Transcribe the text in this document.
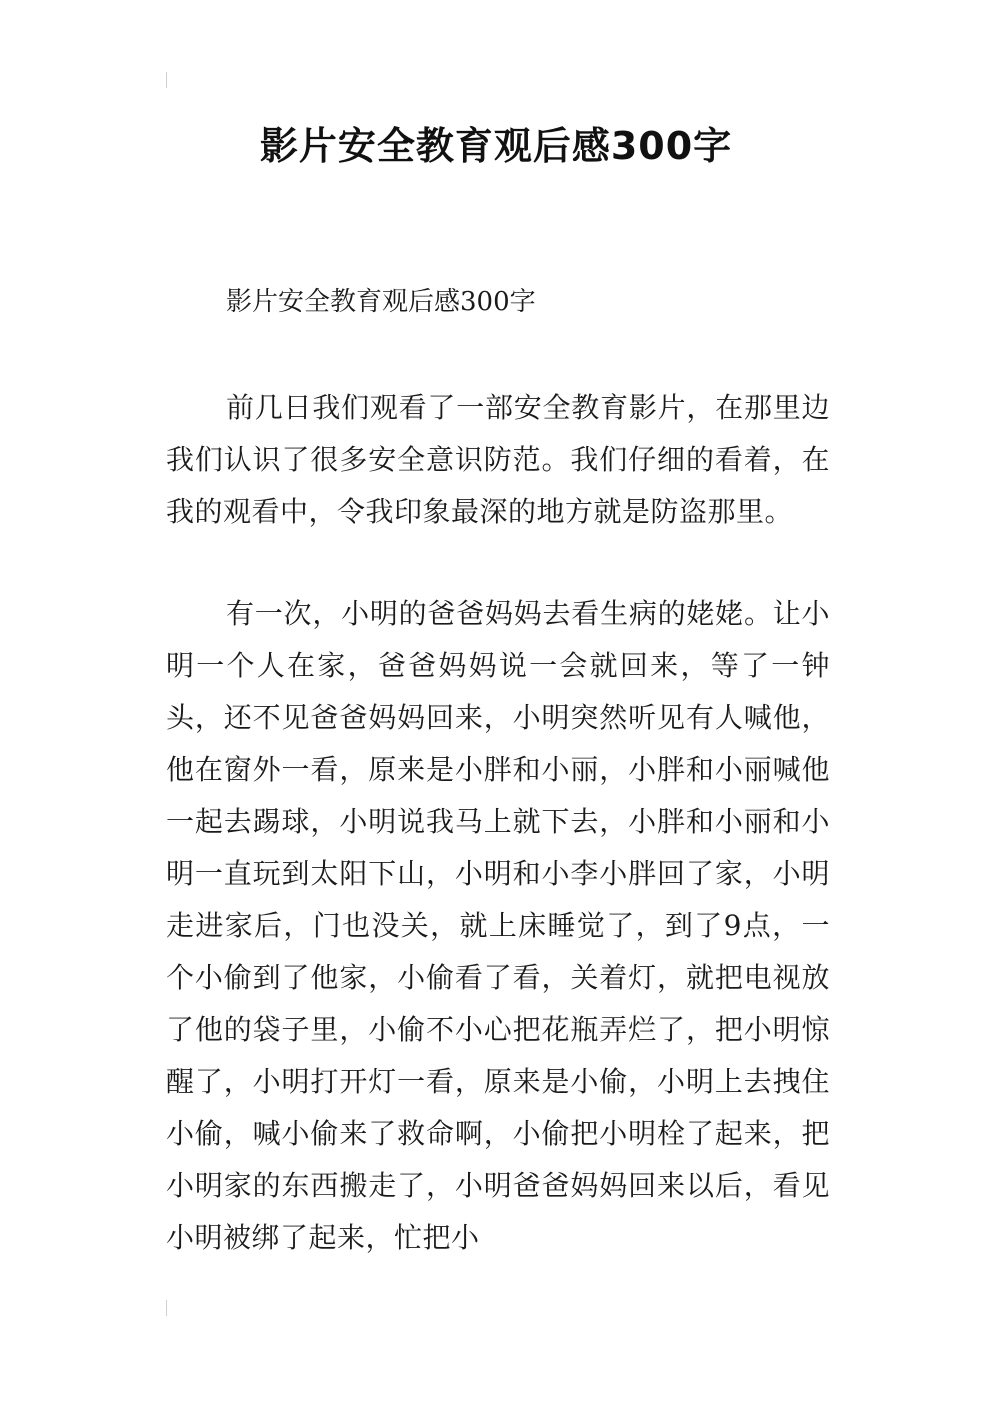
影片安全教育观后感300字

影片安全教育观后感300字

前几日我们观看了一部安全教育影片，在那里边我们认识了很多安全意识防范。我们仔细的看着，在我的观看中，令我印象最深的地方就是防盗那里。

有一次，小明的爸爸妈妈去看生病的姥姥。让小明一个人在家，爸爸妈妈说一会就回来，等了一钟头，还不见爸爸妈妈回来，小明突然听见有人喊他，他在窗外一看，原来是小胖和小丽，小胖和小丽喊他一起去踢球，小明说我马上就下去，小胖和小丽和小明一直玩到太阳下山，小明和小李小胖回了家，小明走进家后，门也没关，就上床睡觉了，到了9点，一个小偷到了他家，小偷看了看，关着灯，就把电视放了他的袋子里，小偷不小心把花瓶弄烂了，把小明惊醒了，小明打开灯一看，原来是小偷，小明上去拽住小偷，喊小偷来了救命啊，小偷把小明栓了起来，把小明家的东西搬走了，小明爸爸妈妈回来以后，看见小明被绑了起来，忙把小
